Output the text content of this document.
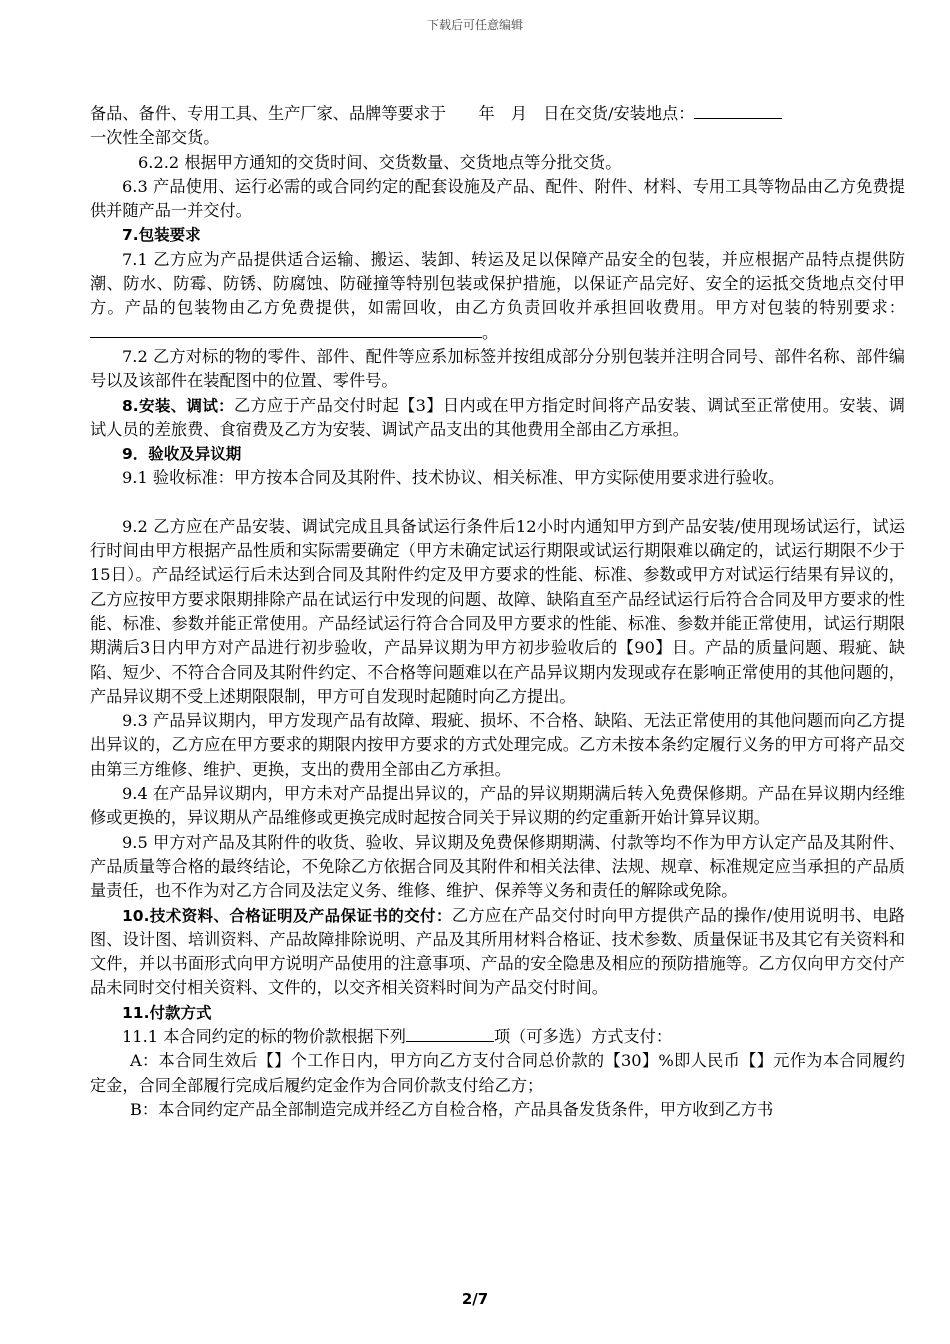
下载后可任意编辑

备品、备件、专用工具、生产厂家、品牌等要求于　　年　月　日在交货/安装地点：
一次性全部交货。

6.2.2 根据甲方通知的交货时间、交货数量、交货地点等分批交货。

6.3 产品使用、运行必需的或合同约定的配套设施及产品、配件、附件、材料、专用工具等物品由乙方免费提供并随产品一并交付。

7.包装要求

7.1 乙方应为产品提供适合运输、搬运、装卸、转运及足以保障产品安全的包装，并应根据产品特点提供防潮、防水、防霉、防锈、防腐蚀、防碰撞等特别包装或保护措施，以保证产品完好、安全的运抵交货地点交付甲方。产品的包装物由乙方免费提供，如需回收，由乙方负责回收并承担回收费用。甲方对包装的特别要求：。

7.2 乙方对标的物的零件、部件、配件等应系加标签并按组成部分分别包装并注明合同号、部件名称、部件编号以及该部件在装配图中的位置、零件号。

8.安装、调试：乙方应于产品交付时起【3】日内或在甲方指定时间将产品安装、调试至正常使用。安装、调试人员的差旅费、食宿费及乙方为安装、调试产品支出的其他费用全部由乙方承担。

9．验收及异议期

9.1 验收标准：甲方按本合同及其附件、技术协议、相关标准、甲方实际使用要求进行验收。

9.2 乙方应在产品安装、调试完成且具备试运行条件后12小时内通知甲方到产品安装/使用现场试运行，试运行时间由甲方根据产品性质和实际需要确定（甲方未确定试运行期限或试运行期限难以确定的，试运行期限不少于15日）。产品经试运行后未达到合同及其附件约定及甲方要求的性能、标准、参数或甲方对试运行结果有异议的，乙方应按甲方要求限期排除产品在试运行中发现的问题、故障、缺陷直至产品经试运行后符合合同及甲方要求的性能、标准、参数并能正常使用。产品经试运行符合合同及甲方要求的性能、标准、参数并能正常使用，试运行期限期满后3日内甲方对产品进行初步验收，产品异议期为甲方初步验收后的【90】日。产品的质量问题、瑕疵、缺陷、短少、不符合合同及其附件约定、不合格等问题难以在产品异议期内发现或存在影响正常使用的其他问题的，产品异议期不受上述期限限制，甲方可自发现时起随时向乙方提出。

9.3 产品异议期内，甲方发现产品有故障、瑕疵、损坏、不合格、缺陷、无法正常使用的其他问题而向乙方提出异议的，乙方应在甲方要求的期限内按甲方要求的方式处理完成。乙方未按本条约定履行义务的甲方可将产品交由第三方维修、维护、更换，支出的费用全部由乙方承担。

9.4 在产品异议期内，甲方未对产品提出异议的，产品的异议期期满后转入免费保修期。产品在异议期内经维修或更换的，异议期从产品维修或更换完成时起按合同关于异议期的约定重新开始计算异议期。

9.5 甲方对产品及其附件的收货、验收、异议期及免费保修期期满、付款等均不作为甲方认定产品及其附件、产品质量等合格的最终结论，不免除乙方依据合同及其附件和相关法律、法规、规章、标准规定应当承担的产品质量责任，也不作为对乙方合同及法定义务、维修、维护、保养等义务和责任的解除或免除。

10.技术资料、合格证明及产品保证书的交付：乙方应在产品交付时向甲方提供产品的操作/使用说明书、电路图、设计图、培训资料、产品故障排除说明、产品及其所用材料合格证、技术参数、质量保证书及其它有关资料和文件，并以书面形式向甲方说明产品使用的注意事项、产品的安全隐患及相应的预防措施等。乙方仅向甲方交付产品未同时交付相关资料、文件的，以交齐相关资料时间为产品交付时间。

11.付款方式

11.1 本合同约定的标的物价款根据下列	项（可多选）方式支付：

A：本合同生效后【】个工作日内，甲方向乙方支付合同总价款的【30】%即人民币【】元作为本合同履约定金，合同全部履行完成后履约定金作为合同价款支付给乙方；

B：本合同约定产品全部制造完成并经乙方自检合格，产品具备发货条件，甲方收到乙方书

2/7
